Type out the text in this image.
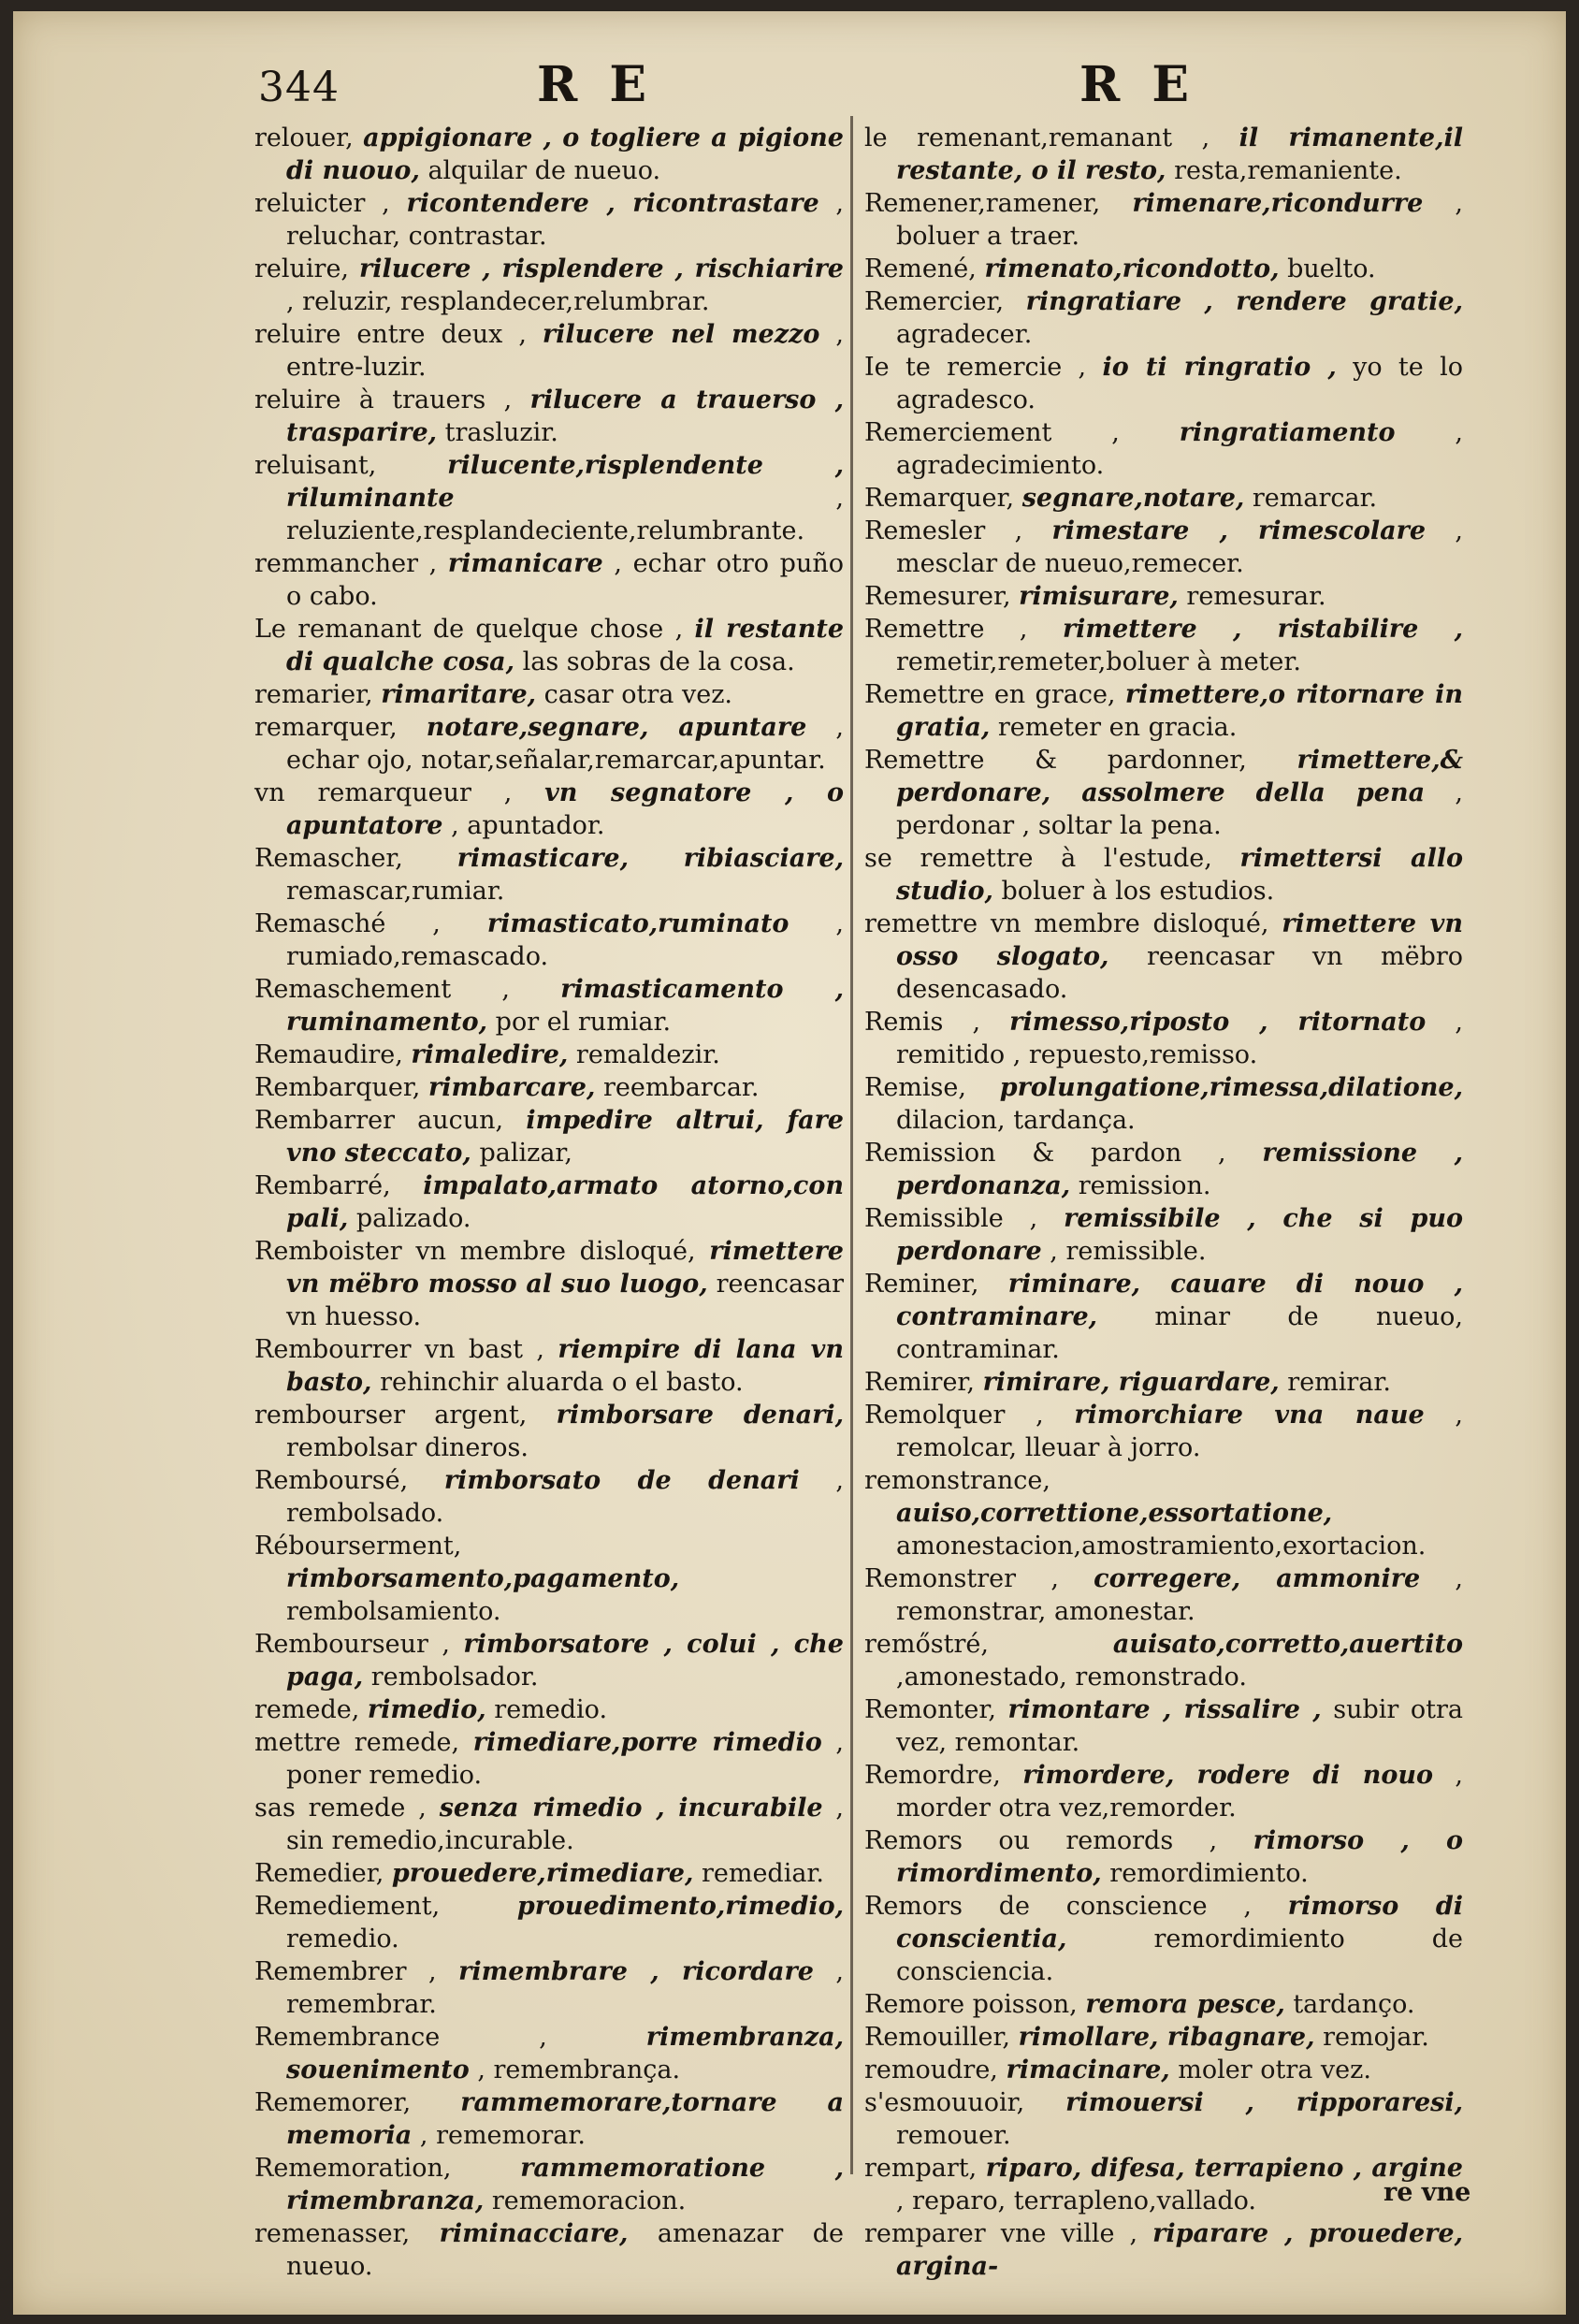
344	R E	R E

relouer, appigionare , o togliere a pigione di nuouo, alquilar de nueuo.

reluicter , ricontendere , ricontrastare , reluchar, contrastar.

reluire, rilucere , risplendere , rischiarire , reluzir, resplandecer,relumbrar.

reluire entre deux , rilucere nel mezzo , entre-luzir.

reluire à trauers , rilucere a trauerso , trasparire, trasluzir.

reluisant,	rilucente,risplendente , riluminante	, reluziente,resplandeciente,relumbrante.

remmancher , rimanicare , echar otro puño o cabo.

Le remanant de quelque chose , il restante di qualche cosa, las sobras de la cosa.

remarier, rimaritare, casar otra vez.

remarquer, notare,segnare, apuntare , echar ojo, notar,señalar,remarcar,apuntar.

vn remarqueur , vn segnatore , o apuntatore , apuntador.

Remascher, rimasticare, ribiasciare, remascar,rumiar.

Remasché , rimasticato,ruminato , rumiado,remascado.

Remaschement , rimasticamento , ruminamento, por el rumiar.

Remaudire, rimaledire, remaldezir.

Rembarquer, rimbarcare, reembarcar.

Rembarrer aucun, impedire altrui, fare vno steccato, palizar,

Rembarré, impalato,armato atorno,con pali, palizado.

Remboister vn membre disloqué, rimettere vn mëbro mosso al suo luogo, reencasar vn huesso.

Rembourrer vn bast , riempire di lana vn basto, rehinchir aluarda o el basto.

rembourser argent, rimborsare denari, rembolsar dineros.

Remboursé, rimborsato de denari , rembolsado.

Rébourserment, rimborsamento,pagamento, rembolsamiento.

Rembourseur , rimborsatore , colui , che paga, rembolsador.

remede, rimedio, remedio.

mettre remede, rimediare,porre rimedio , poner remedio.

sas remede , senza rimedio , incurabile , sin remedio,incurable.

Remedier, prouedere,rimediare, remediar.

Remediement,	prouedimento,rimedio, remedio.

Remembrer , rimembrare , ricordare , remembrar.

Remembrance ,	rimembranza, souenimento , remembrança.

Rememorer, rammemorare,tornare a memoria , rememorar.

Rememoration,	rammemoratione , rimembranza, rememoracion.

remenasser, riminacciare, amenazar de nueuo.

le remenant,remanant , il rimanente,il restante, o il resto, resta,remaniente.

Remener,ramener, rimenare,ricondurre , boluer a traer.

Remené, rimenato,ricondotto, buelto.

Remercier, ringratiare , rendere gratie, agradecer.

Ie te remercie , io ti ringratio , yo te lo agradesco.

Remerciement , ringratiamento , agradecimiento.

Remarquer, segnare,notare, remarcar.

Remesler , rimestare , rimescolare , mesclar de nueuo,remecer.

Remesurer, rimisurare, remesurar.

Remettre , rimettere , ristabilire , remetir,remeter,boluer à meter.

Remettre en grace, rimettere,o ritornare in gratia, remeter en gracia.

Remettre & pardonner, rimettere,& perdonare, assolmere della pena , perdonar , soltar la pena.

se remettre à l'estude, rimettersi allo studio, boluer à los estudios.

remettre vn membre disloqué, rimettere vn osso slogato, reencasar vn mëbro desencasado.

Remis , rimesso,riposto , ritornato , remitido , repuesto,remisso.

Remise, prolungatione,rimessa,dilatione, dilacion, tardança.

Remission & pardon , remissione , perdonanza, remission.

Remissible , remissibile , che si puo perdonare , remissible.

Reminer, riminare, cauare di nouo , contraminare, minar de nueuo, contraminar.

Remirer, rimirare, riguardare, remirar.

Remolquer , rimorchiare vna naue , remolcar, lleuar à jorro.

remonstrance, auiso,correttione,essortatione, amonestacion,amostramiento,exortacion.

Remonstrer , corregere, ammonire , remonstrar, amonestar.

remőstré,	auisato,corretto,auertito ,amonestado, remonstrado.

Remonter, rimontare , rissalire , subir otra vez, remontar.

Remordre, rimordere, rodere di nouo , morder otra vez,remorder.

Remors ou remords , rimorso , o rimordimento, remordimiento.

Remors de conscience , rimorso di conscientia,	remordimiento de consciencia.

Remore poisson, remora pesce, tardanço.

Remouiller, rimollare, ribagnare, remojar.

remoudre, rimacinare, moler otra vez.

s'esmouuoir, rimouersi , ripporaresi, remouer.

rempart, riparo, difesa, terrapieno , argine , reparo, terrapleno,vallado.

remparer vne ville , riparare , prouedere, argina-

re vne
